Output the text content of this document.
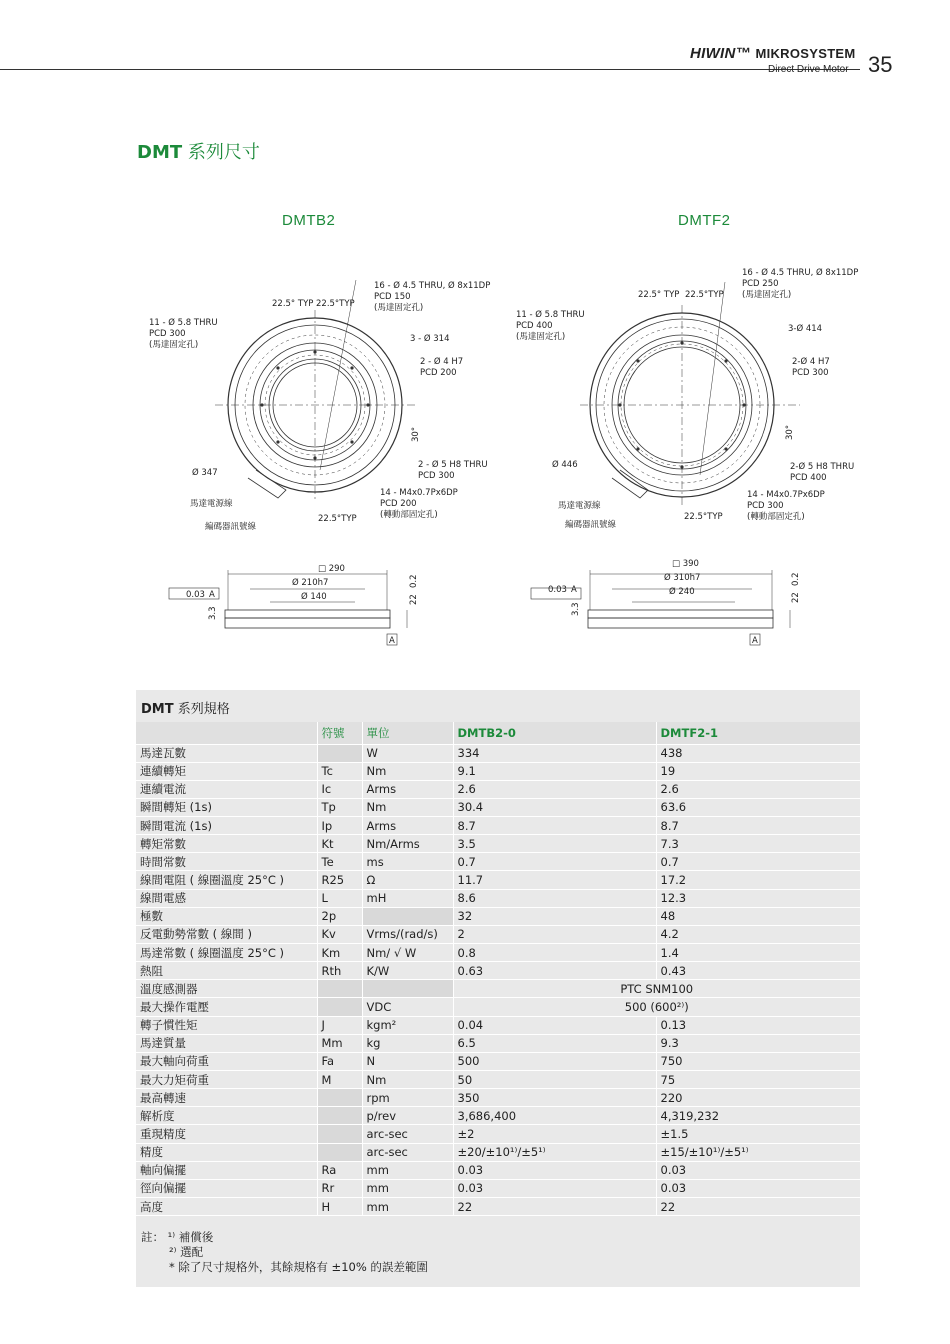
HIWIN™ MIKROSYSTEM
Direct Drive Motor 35
DMT 系列尺寸
DMTB2	DMTF2
22.5° TYP 22.5°TYP
16 - Ø 4.5 THRU, Ø 8x11DP
PCD 150
(馬達固定孔)
11 - Ø 5.8 THRU
PCD 300
(馬達固定孔)
3 - Ø 314
2 - Ø 4 H7
PCD 200
30°
Ø 347
2 - Ø 5 H8 THRU
PCD 300
馬達電源線
14 - M4x0.7Px6DP
PCD 200
(轉動部固定孔)
編碼器訊號線
22.5°TYP
□ 290
Ø 210h7
Ø 140
0.03 A
A
22
0.2
3.3
22.5° TYP 22.5°TYP
16 - Ø 4.5 THRU, Ø 8x11DP
PCD 250
(馬達固定孔)
11 - Ø 5.8 THRU
PCD 400
(馬達固定孔)
3-Ø 414
2-Ø 4 H7
PCD 300
30°
Ø 446	2-Ø 5 H8 THRU
PCD 400
馬達電源線
14 - M4x0.7Px6DP
PCD 300
(轉動部固定孔)
編碼器訊號線
22.5°TYP
□ 390
Ø 310h7
Ø 240
0.03 A
A
22
0.2
3.3
DMT 系列規格
	符號	單位	DMTB2-0	DMTF2-1
馬達瓦數		W	334	438
連續轉矩	Tc	Nm	9.1	19
連續電流	Ic	Arms	2.6	2.6
瞬間轉矩 (1s)	Tp	Nm	30.4	63.6
瞬間電流 (1s)	Ip	Arms	8.7	8.7
轉矩常數	Kt	Nm/Arms	3.5	7.3
時間常數	Te	ms	0.7	0.7
線間電阻 ( 線圈溫度 25°C )	R25	Ω	11.7	17.2
線間電感	L	mH	8.6	12.3
極數	2p		32	48
反電動勢常數 ( 線間 )	Kv	Vrms/(rad/s)	2	4.2
馬達常數 ( 線圈溫度 25°C )	Km	Nm/ √ W	0.8	1.4
熱阻	Rth	K/W	0.63	0.43
溫度感測器			PTC SNM100	
最大操作電壓		VDC	500 (600²⁾)	
轉子慣性矩	J	kgm²	0.04	0.13
馬達質量	Mm	kg	6.5	9.3
最大軸向荷重	Fa	N	500	750
最大力矩荷重	M	Nm	50	75
最高轉速		rpm	350	220
解析度		p/rev	3,686,400	4,319,232
重現精度		arc-sec	±2	±1.5
精度		arc-sec	±20/±10¹⁾/±5¹⁾	±15/±10¹⁾/±5¹⁾
軸向偏擺	Ra	mm	0.03	0.03
徑向偏擺	Rr	mm	0.03	0.03
高度	H	mm	22	22
註： ¹⁾ 補償後
²⁾ 選配
* 除了尺寸規格外，其餘規格有 ±10% 的誤差範圍
